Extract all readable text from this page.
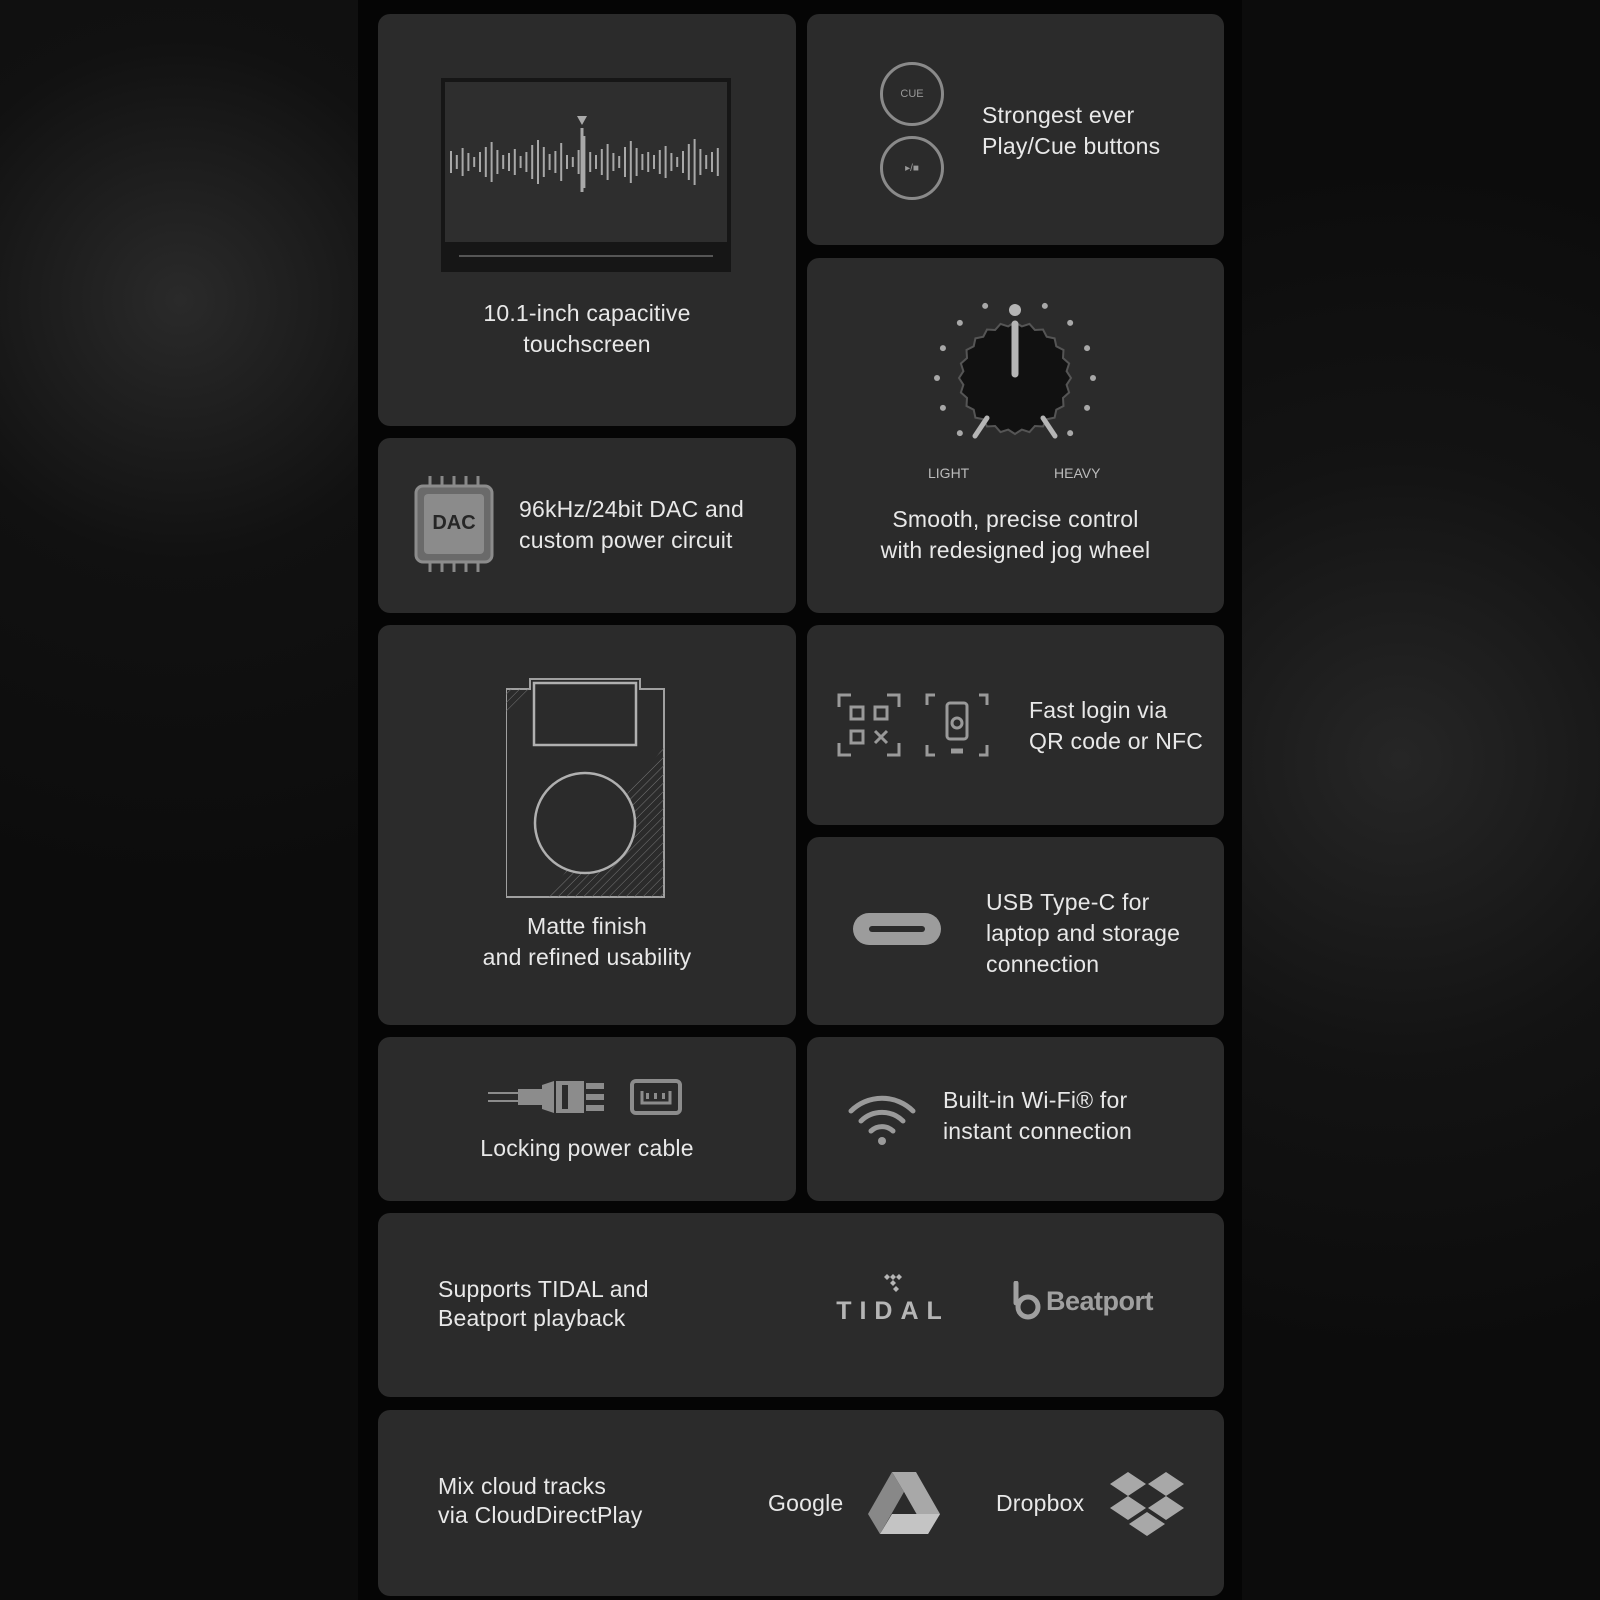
10.1-inch capacitive
touchscreen
CUE
▸/■
Strongest ever
Play/Cue buttons
LIGHT	HEAVY
Smooth, precise control
with redesigned jog wheel
DAC
96kHz/24bit DAC and
custom power circuit
Matte finish
and refined usability
Fast login via
QR code or NFC
USB Type-C for
laptop and storage
connection
Locking power cable
Built-in Wi-Fi® for
instant connection
Supports TIDAL and
Beatport playback	TIDAL	Beatport
Mix cloud tracks
via CloudDirectPlay	Google	Dropbox
